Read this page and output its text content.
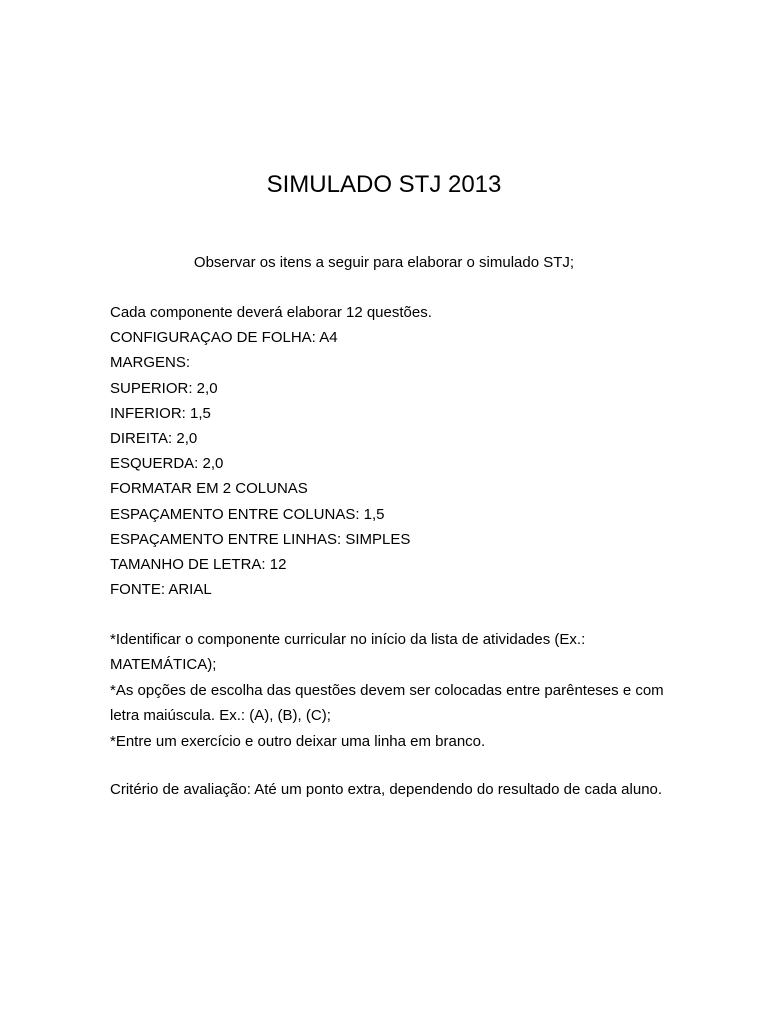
SIMULADO STJ 2013

Observar os itens a seguir para elaborar o simulado STJ;

Cada componente deverá elaborar 12 questões.
CONFIGURAÇAO DE FOLHA: A4
MARGENS:
SUPERIOR: 2,0
INFERIOR: 1,5
DIREITA: 2,0
ESQUERDA: 2,0
FORMATAR EM 2 COLUNAS
ESPAÇAMENTO ENTRE COLUNAS: 1,5
ESPAÇAMENTO ENTRE LINHAS: SIMPLES
TAMANHO DE LETRA: 12
FONTE: ARIAL

*Identificar o componente curricular no início da lista de atividades (Ex.: MATEMÁTICA);

*As opções de escolha das questões devem ser colocadas entre parênteses e com letra maiúscula. Ex.: (A), (B), (C);

*Entre um exercício e outro deixar uma linha em branco.

Critério de avaliação: Até um ponto extra, dependendo do resultado de cada aluno.
